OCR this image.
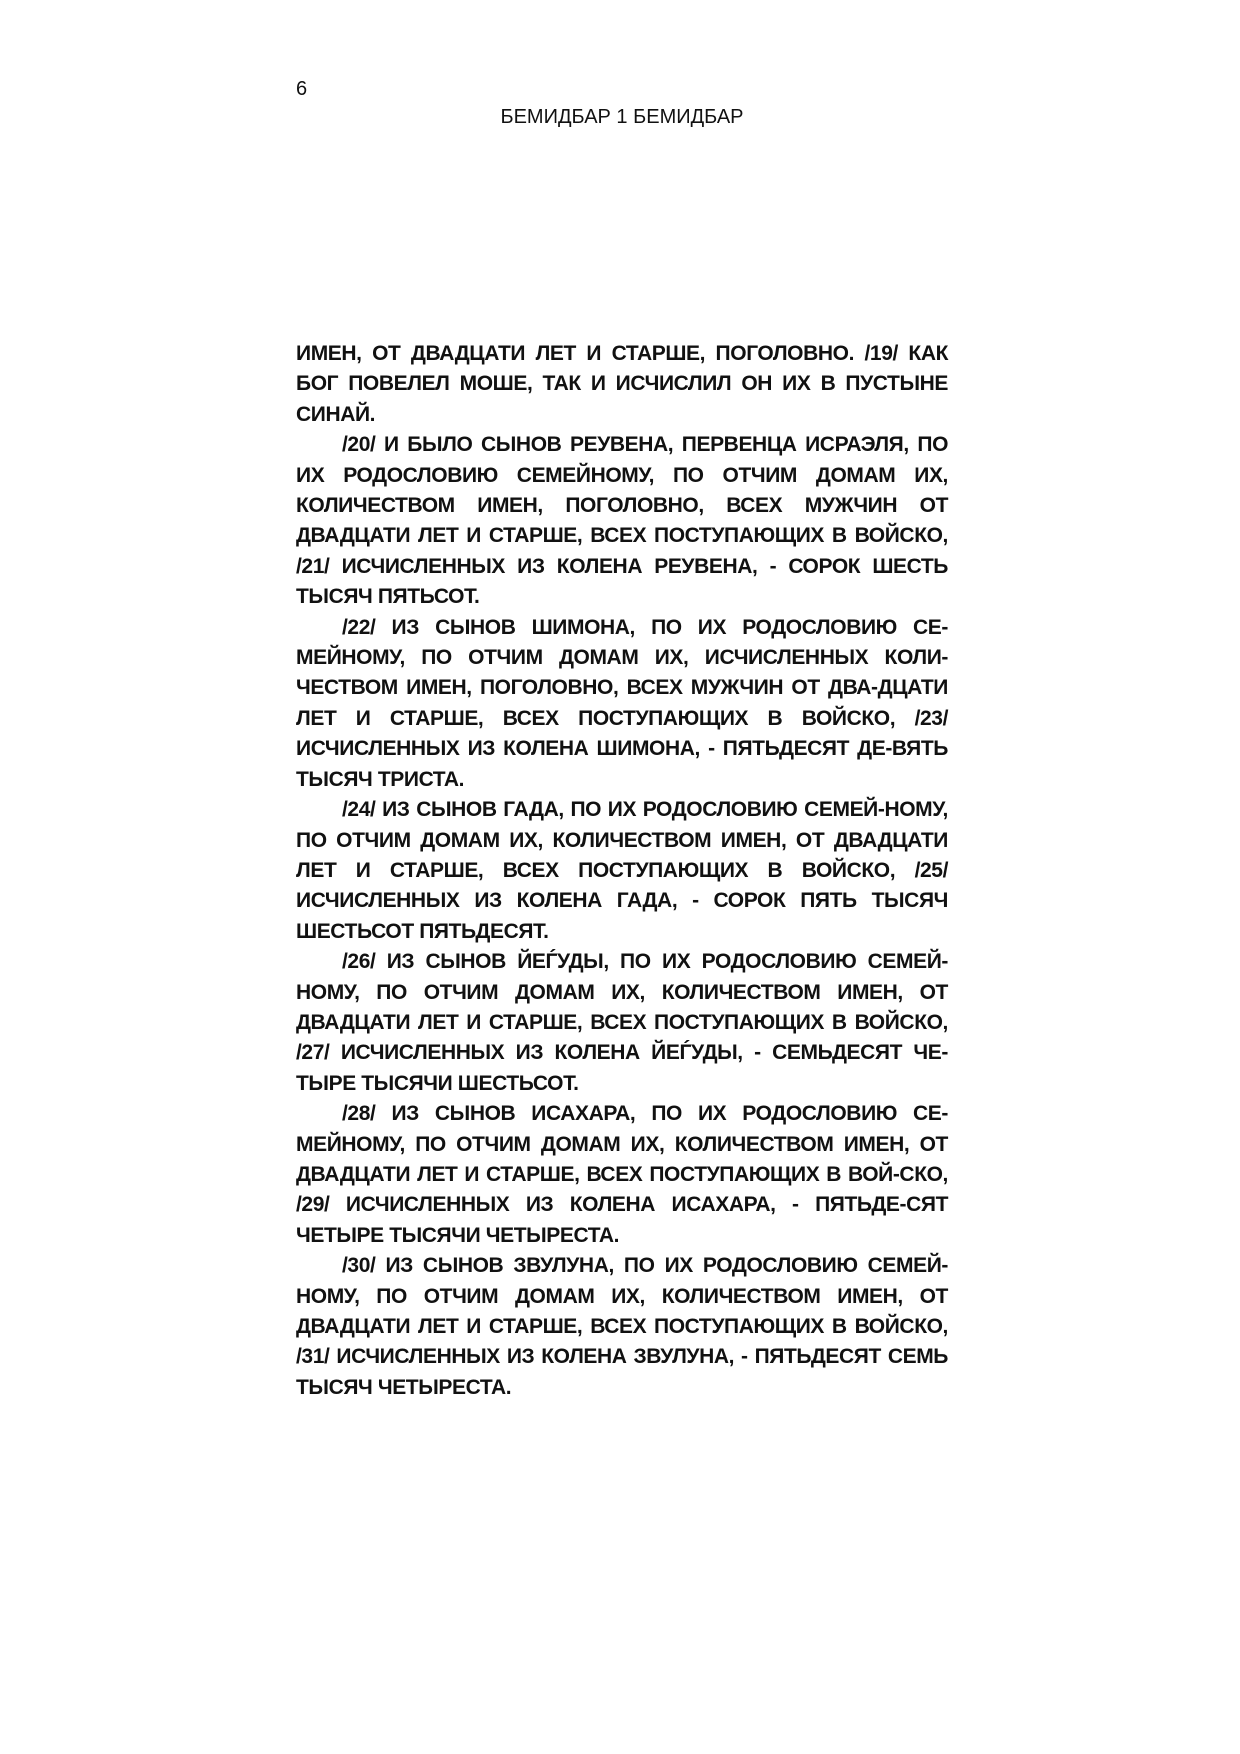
6
БЕМИДБАР 1 БЕМИДБАР

ИМЕН, ОТ ДВАДЦАТИ ЛЕТ И СТАРШЕ, ПОГОЛОВНО. /19/ КАК БОГ ПОВЕЛЕЛ МОШЕ, ТАК И ИСЧИСЛИЛ ОН ИХ В ПУСТЫНЕ СИНАЙ.

/20/ И БЫЛО СЫНОВ РЕУВЕНА, ПЕРВЕНЦА ИСРАЭЛЯ, ПО ИХ РОДОСЛОВИЮ СЕМЕЙНОМУ, ПО ОТЧИМ ДОМАМ ИХ, КОЛИЧЕСТВОМ ИМЕН, ПОГОЛОВНО, ВСЕХ МУЖЧИН ОТ ДВАДЦАТИ ЛЕТ И СТАРШЕ, ВСЕХ ПОСТУПАЮЩИХ В ВОЙСКО, /21/ ИСЧИСЛЕННЫХ ИЗ КОЛЕНА РЕУВЕНА, - СОРОК ШЕСТЬ ТЫСЯЧ ПЯТЬСОТ.

/22/ ИЗ СЫНОВ ШИМОНА, ПО ИХ РОДОСЛОВИЮ СЕ-МЕЙНОМУ, ПО ОТЧИМ ДОМАМ ИХ, ИСЧИСЛЕННЫХ КОЛИ-ЧЕСТВОМ ИМЕН, ПОГОЛОВНО, ВСЕХ МУЖЧИН ОТ ДВА-ДЦАТИ ЛЕТ И СТАРШЕ, ВСЕХ ПОСТУПАЮЩИХ В ВОЙСКО, /23/ ИСЧИСЛЕННЫХ ИЗ КОЛЕНА ШИМОНА, - ПЯТЬДЕСЯТ ДЕ-ВЯТЬ ТЫСЯЧ ТРИСТА.

/24/ ИЗ СЫНОВ ГАДА, ПО ИХ РОДОСЛОВИЮ СЕМЕЙ-НОМУ, ПО ОТЧИМ ДОМАМ ИХ, КОЛИЧЕСТВОМ ИМЕН, ОТ ДВАДЦАТИ ЛЕТ И СТАРШЕ, ВСЕХ ПОСТУПАЮЩИХ В ВОЙСКО, /25/ ИСЧИСЛЕННЫХ ИЗ КОЛЕНА ГАДА, - СОРОК ПЯТЬ ТЫСЯЧ ШЕСТЬСОТ ПЯТЬДЕСЯТ.

/26/ ИЗ СЫНОВ ЙЕЃУДЫ, ПО ИХ РОДОСЛОВИЮ СЕМЕЙ-НОМУ, ПО ОТЧИМ ДОМАМ ИХ, КОЛИЧЕСТВОМ ИМЕН, ОТ ДВАДЦАТИ ЛЕТ И СТАРШЕ, ВСЕХ ПОСТУПАЮЩИХ В ВОЙСКО, /27/ ИСЧИСЛЕННЫХ ИЗ КОЛЕНА ЙЕЃУДЫ, - СЕМЬДЕСЯТ ЧЕ-ТЫРЕ ТЫСЯЧИ ШЕСТЬСОТ.

/28/ ИЗ СЫНОВ ИСАХАРА, ПО ИХ РОДОСЛОВИЮ СЕ-МЕЙНОМУ, ПО ОТЧИМ ДОМАМ ИХ, КОЛИЧЕСТВОМ ИМЕН, ОТ ДВАДЦАТИ ЛЕТ И СТАРШЕ, ВСЕХ ПОСТУПАЮЩИХ В ВОЙ-СКО, /29/ ИСЧИСЛЕННЫХ ИЗ КОЛЕНА ИСАХАРА, - ПЯТЬДЕ-СЯТ ЧЕТЫРЕ ТЫСЯЧИ ЧЕТЫРЕСТА.

/30/ ИЗ СЫНОВ ЗВУЛУНА, ПО ИХ РОДОСЛОВИЮ СЕМЕЙ-НОМУ, ПО ОТЧИМ ДОМАМ ИХ, КОЛИЧЕСТВОМ ИМЕН, ОТ ДВАДЦАТИ ЛЕТ И СТАРШЕ, ВСЕХ ПОСТУПАЮЩИХ В ВОЙСКО, /31/ ИСЧИСЛЕННЫХ ИЗ КОЛЕНА ЗВУЛУНА, - ПЯТЬДЕСЯТ СЕМЬ ТЫСЯЧ ЧЕТЫРЕСТА.
